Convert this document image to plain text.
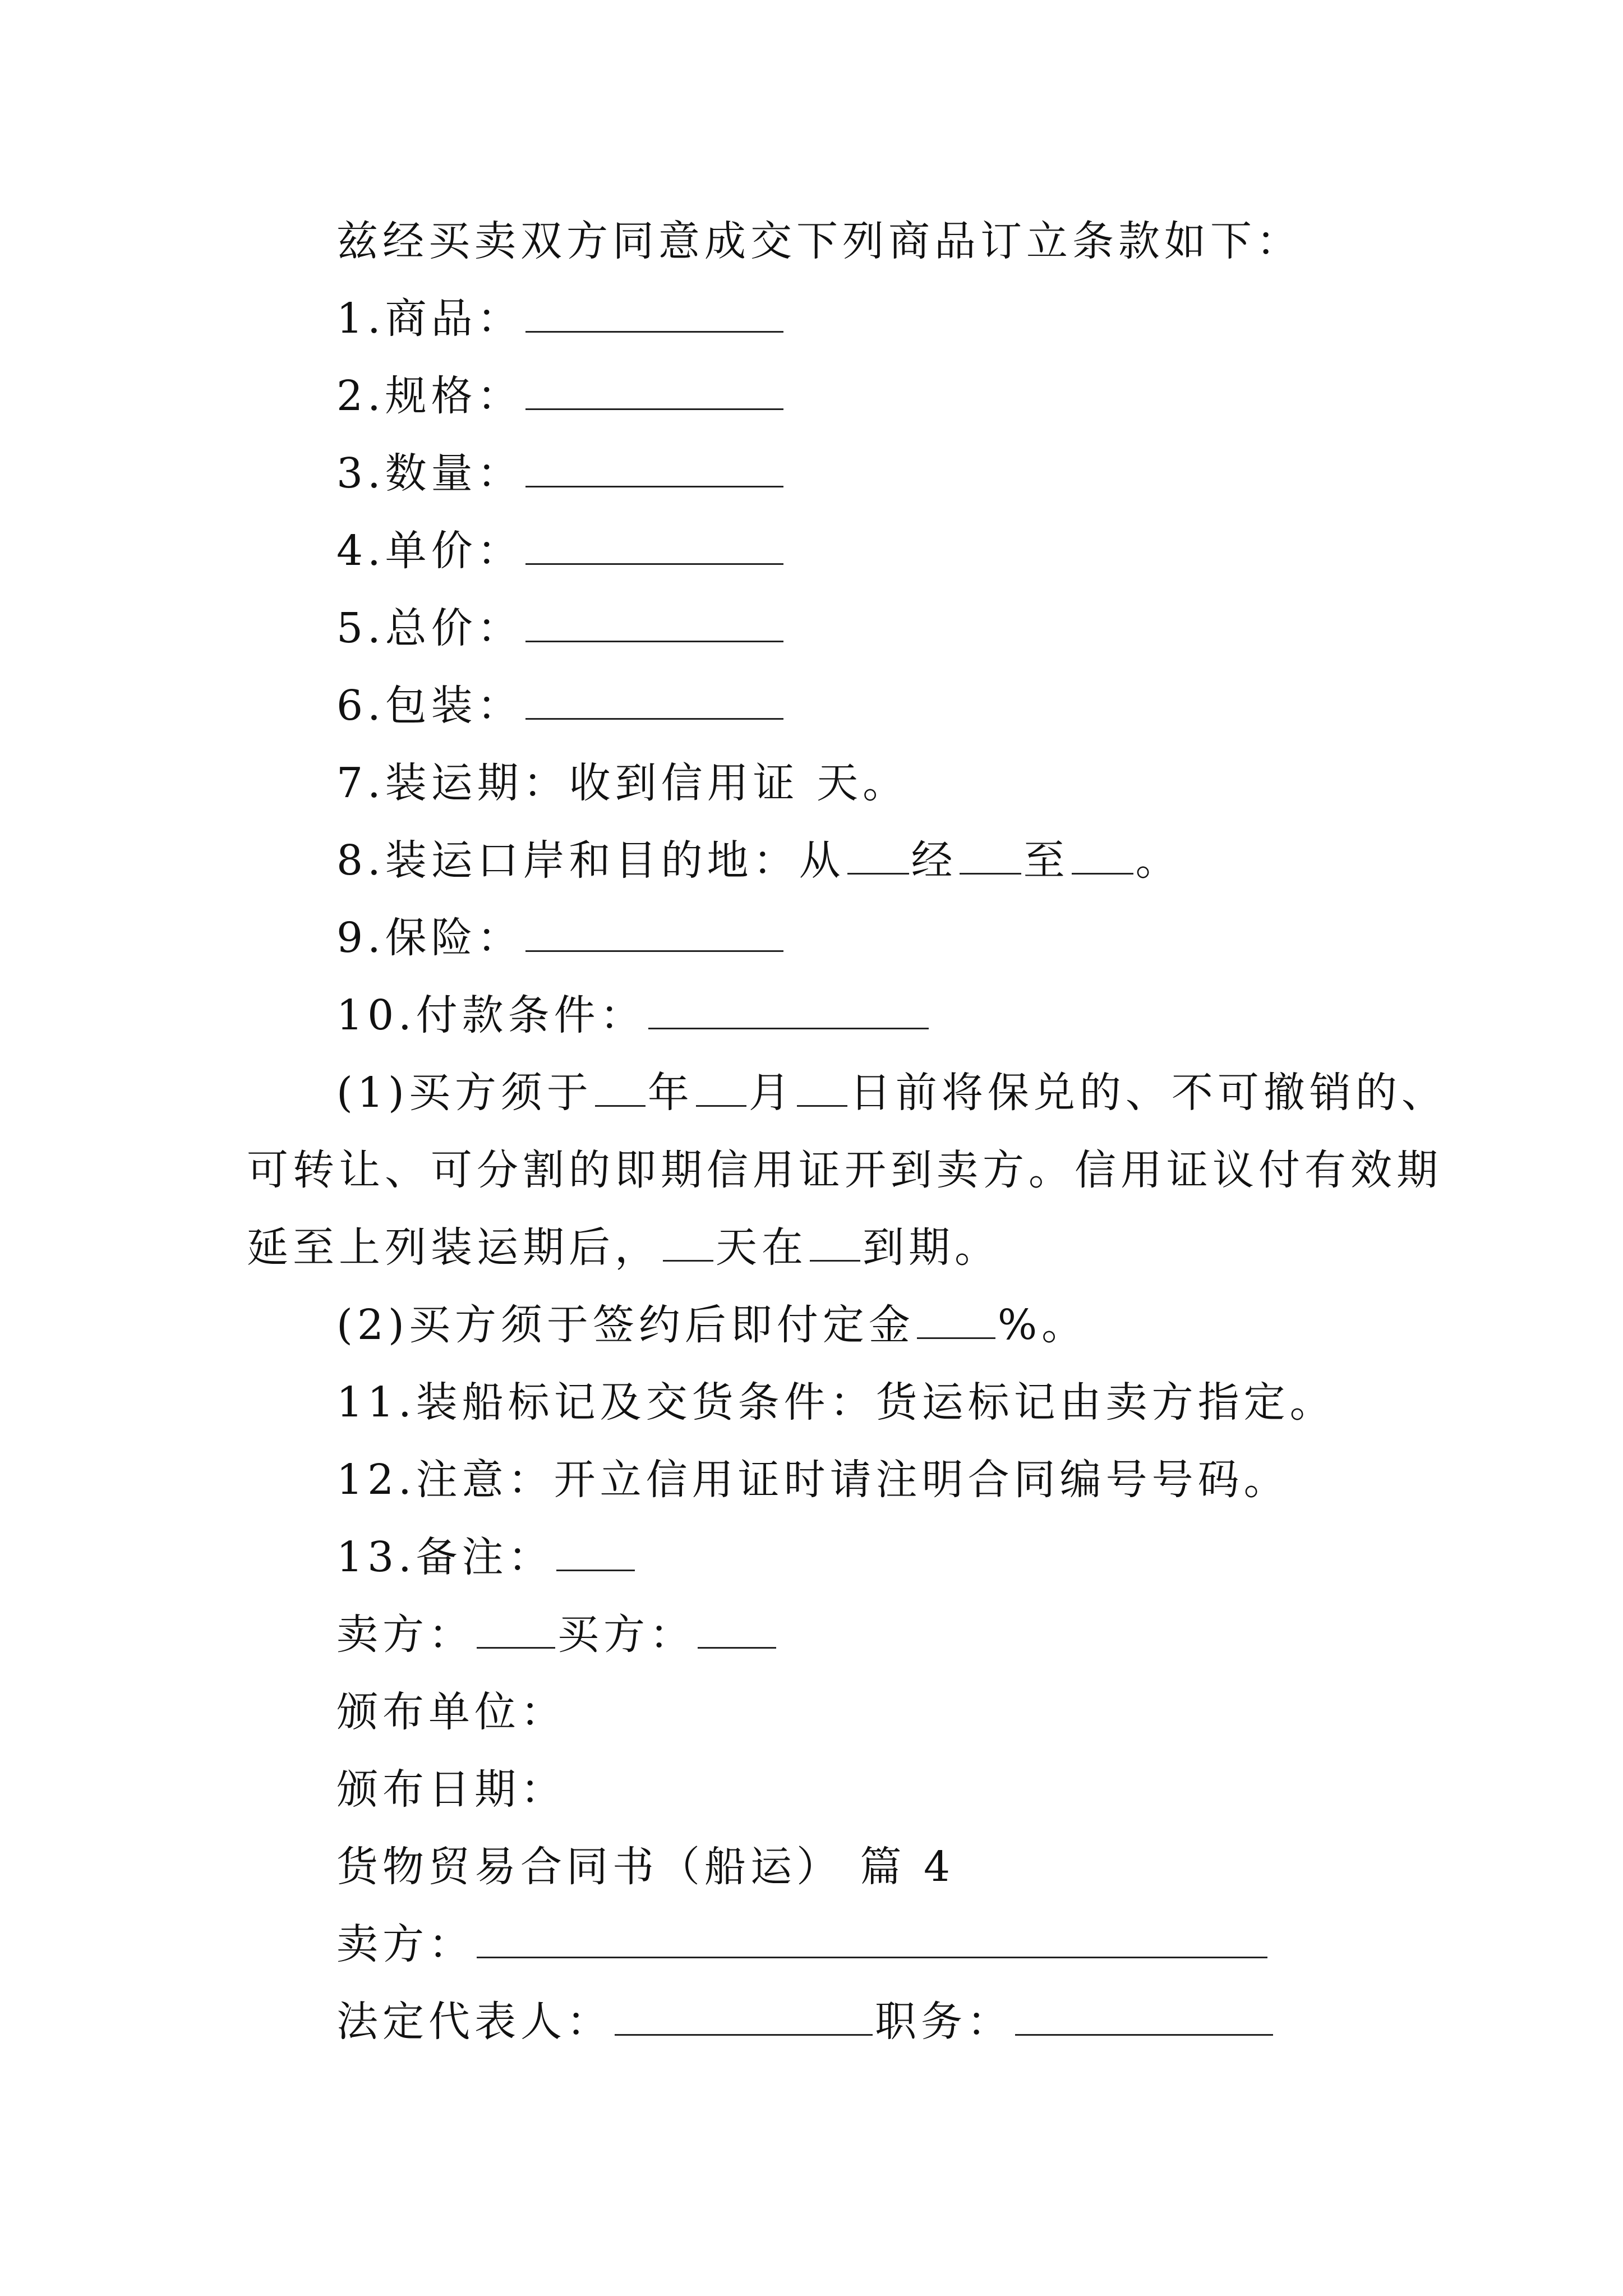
兹经买卖双方同意成交下列商品订立条款如下：
1.商品：
2.规格：
3.数量：
4.单价：
5.总价：
6.包装：
7.装运期：收到信用证 天。
8.装运口岸和目的地：从 经 至 。
9.保险：
10.付款条件：
(1)买方须于 年 月 日前将保兑的、不可撤销的、
可转让、可分割的即期信用证开到卖方。信用证议付有效期
延至上列装运期后， 天在 到期。
(2)买方须于签约后即付定金 %。
11.装船标记及交货条件：货运标记由卖方指定。
12.注意：开立信用证时请注明合同编号号码。
13.备注：
卖方： 买方：
颁布单位：
颁布日期：
货物贸易合同书（船运） 篇 4
卖方：
法定代表人：	职务：
